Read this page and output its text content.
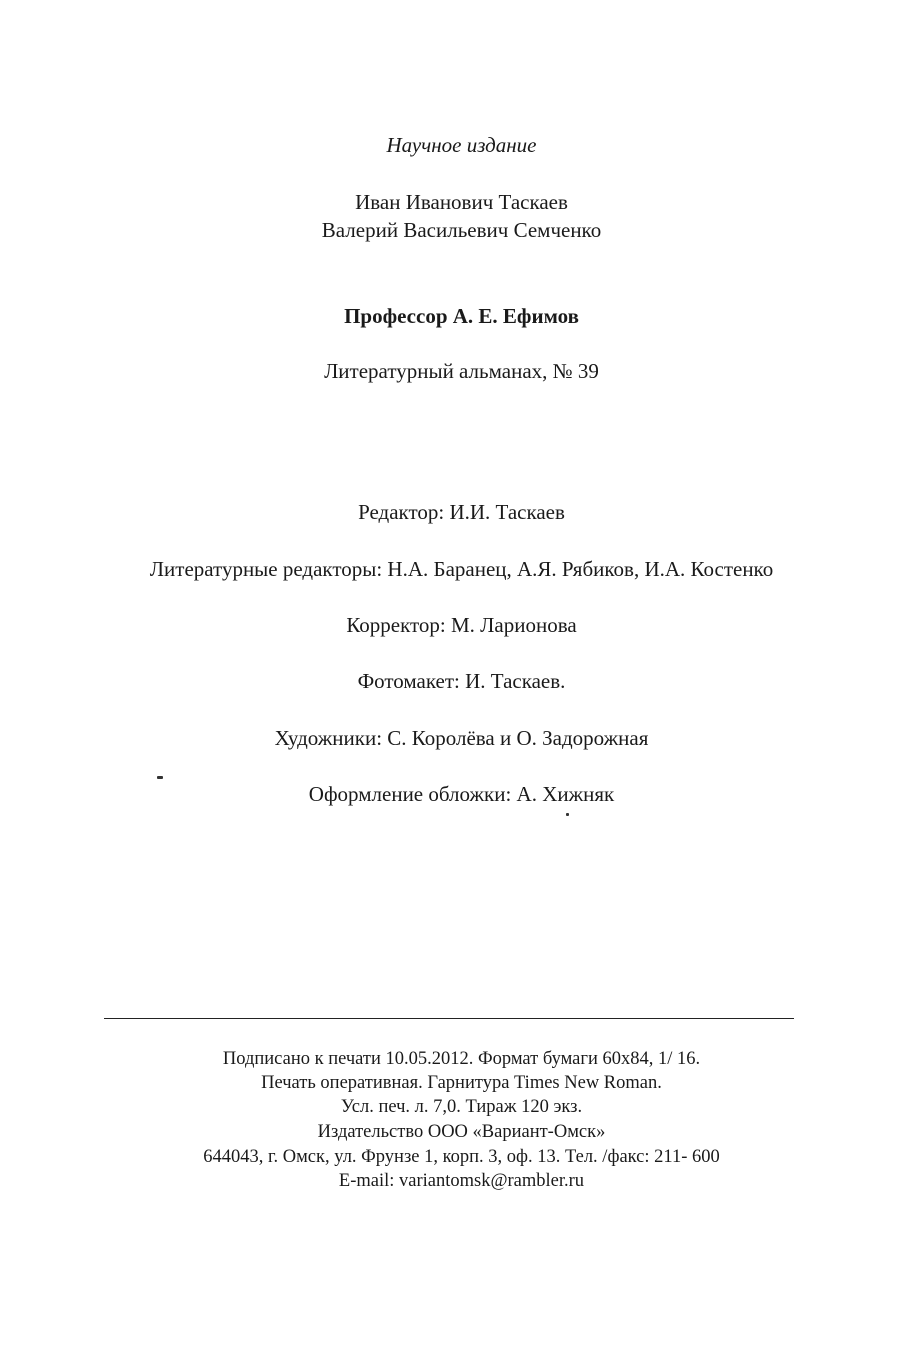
Научное издание
Иван Иванович Таскаев
Валерий Васильевич Семченко
Профессор А. Е. Ефимов
Литературный альманах, № 39
Редактор: И.И. Таскаев
Литературные редакторы: Н.А. Баранец, А.Я. Рябиков, И.А. Костенко
Корректор: М. Ларионова
Фотомакет: И. Таскаев.
Художники: С. Королёва и О. Задорожная
Оформление обложки: А. Хижняк
Подписано к печати 10.05.2012. Формат бумаги 60х84, 1/ 16.
Печать оперативная. Гарнитура Times New Roman.
Усл. печ. л. 7,0. Тираж 120 экз.
Издательство ООО «Вариант-Омск»
644043, г. Омск, ул. Фрунзе 1, корп. 3, оф. 13. Тел. /факс: 211- 600
E-mail: variantomsk@rambler.ru
